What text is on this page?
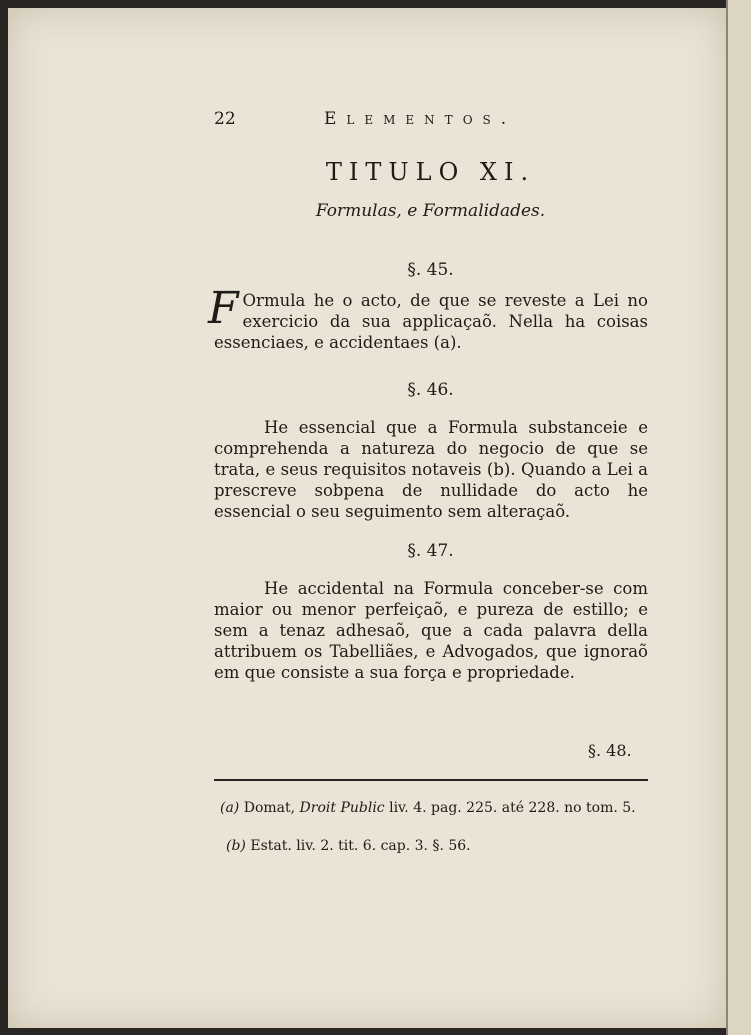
22	Elementos.
TITULO XI.
Formulas, e Formalidades.
§. 45.
F Ormula he o acto, de que se reveste a Lei no exercicio da sua applicaçaõ. Nella ha coisas essenciaes, e accidentaes (a).
§. 46.
He essencial que a Formula substanceie e comprehenda a natureza do negocio de que se trata, e seus requisitos notaveis (b). Quando a Lei a prescreve sobpena de nullidade do acto he essencial o seu seguimento sem alteraçaõ.
§. 47.
He accidental na Formula conceber-se com maior ou menor perfeiçaõ, e pureza de estillo; e sem a tenaz adhesaõ, que a cada palavra della attribuem os Tabelliães, e Advogados, que ignoraõ em que consiste a sua força e propriedade.
§. 48.
(a) Domat, Droit Public liv. 4. pag. 225. até 228. no tom. 5.
(b) Estat. liv. 2. tit. 6. cap. 3. §. 56.
